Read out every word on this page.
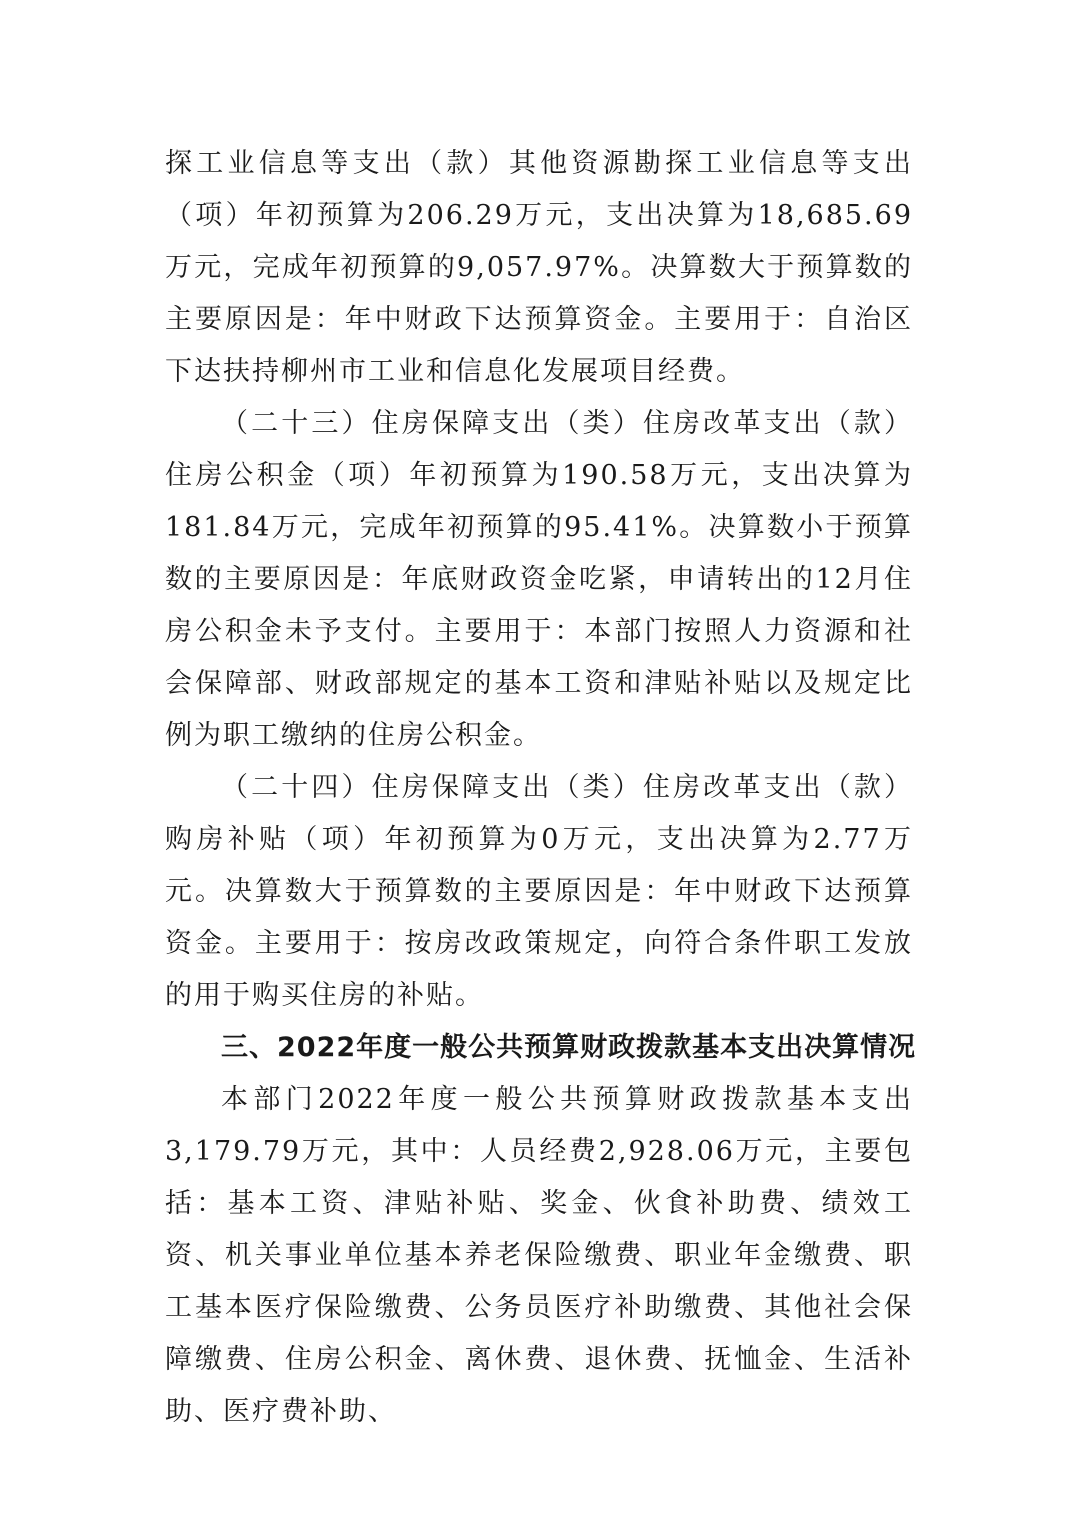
探工业信息等支出（款）其他资源勘探工业信息等支出（项）年初预算为206.29万元，支出决算为18,685.69万元，完成年初预算的9,057.97%。决算数大于预算数的主要原因是：年中财政下达预算资金。主要用于：自治区下达扶持柳州市工业和信息化发展项目经费。

（二十三）住房保障支出（类）住房改革支出（款）住房公积金（项）年初预算为190.58万元，支出决算为181.84万元，完成年初预算的95.41%。决算数小于预算数的主要原因是：年底财政资金吃紧，申请转出的12月住房公积金未予支付。主要用于：本部门按照人力资源和社会保障部、财政部规定的基本工资和津贴补贴以及规定比例为职工缴纳的住房公积金。

（二十四）住房保障支出（类）住房改革支出（款）购房补贴（项）年初预算为0万元，支出决算为2.77万元。决算数大于预算数的主要原因是：年中财政下达预算资金。主要用于：按房改政策规定，向符合条件职工发放的用于购买住房的补贴。

三、2022年度一般公共预算财政拨款基本支出决算情况

本部门2022年度一般公共预算财政拨款基本支出3,179.79万元，其中：人员经费2,928.06万元，主要包括：基本工资、津贴补贴、奖金、伙食补助费、绩效工资、机关事业单位基本养老保险缴费、职业年金缴费、职工基本医疗保险缴费、公务员医疗补助缴费、其他社会保障缴费、住房公积金、离休费、退休费、抚恤金、生活补助、医疗费补助、
